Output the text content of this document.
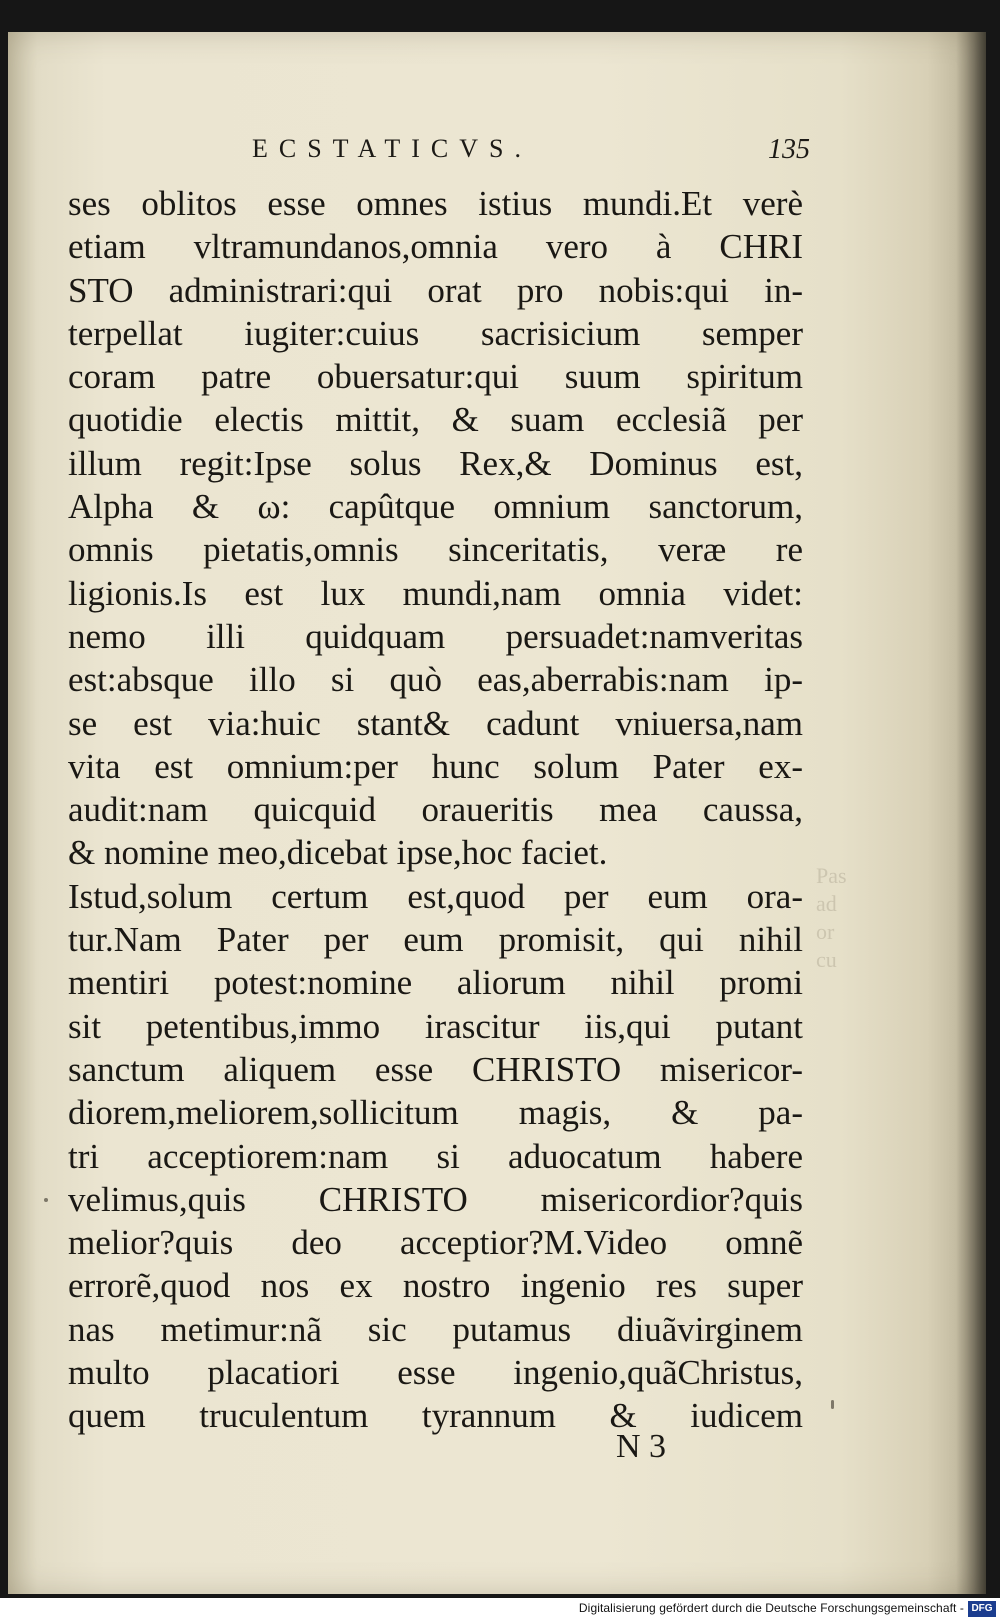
Pas
ad
or
cu
ECSTATICVS.	135
ses oblitos esse omnes istius mundi.Et verè
etiam vltramundanos,omnia vero à CHRI
STO administrari:qui orat pro nobis:qui in-
terpellat iugiter:cuius sacrisicium semper
coram patre obuersatur:qui suum spiritum
quotidie electis mittit, & suam ecclesiã per
illum regit:Ipse solus Rex,& Dominus est,
Alpha & ω: capûtque omnium sanctorum,
omnis pietatis,omnis sinceritatis, veræ re
ligionis.Is est lux mundi,nam omnia videt:
nemo illi quidquam persuadet:namveritas
est:absque illo si quò eas,aberrabis:nam ip-
se est via:huic stant& cadunt vniuersa,nam
vita est omnium:per hunc solum Pater ex-
audit:nam quicquid oraueritis mea caussa,
& nomine meo,dicebat ipse,hoc faciet.
Istud,solum certum est,quod per eum ora-
tur.Nam Pater per eum promisit, qui nihil
mentiri potest:nomine aliorum nihil promi
sit petentibus,immo irascitur iis,qui putant
sanctum aliquem esse CHRISTO misericor-
diorem,meliorem,sollicitum magis, & pa-
tri acceptiorem:nam si aduocatum habere
velimus,quis CHRISTO misericordior?quis
melior?quis deo acceptior?M.Video omnẽ
errorẽ,quod nos ex nostro ingenio res super
nas metimur:nã sic putamus diuãvirginem
multo placatiori esse ingenio,quãChristus,
quem truculentum tyrannum & iudicem
N 3
Digitalisierung gefördert durch die Deutsche Forschungsgemeinschaft - DFG
